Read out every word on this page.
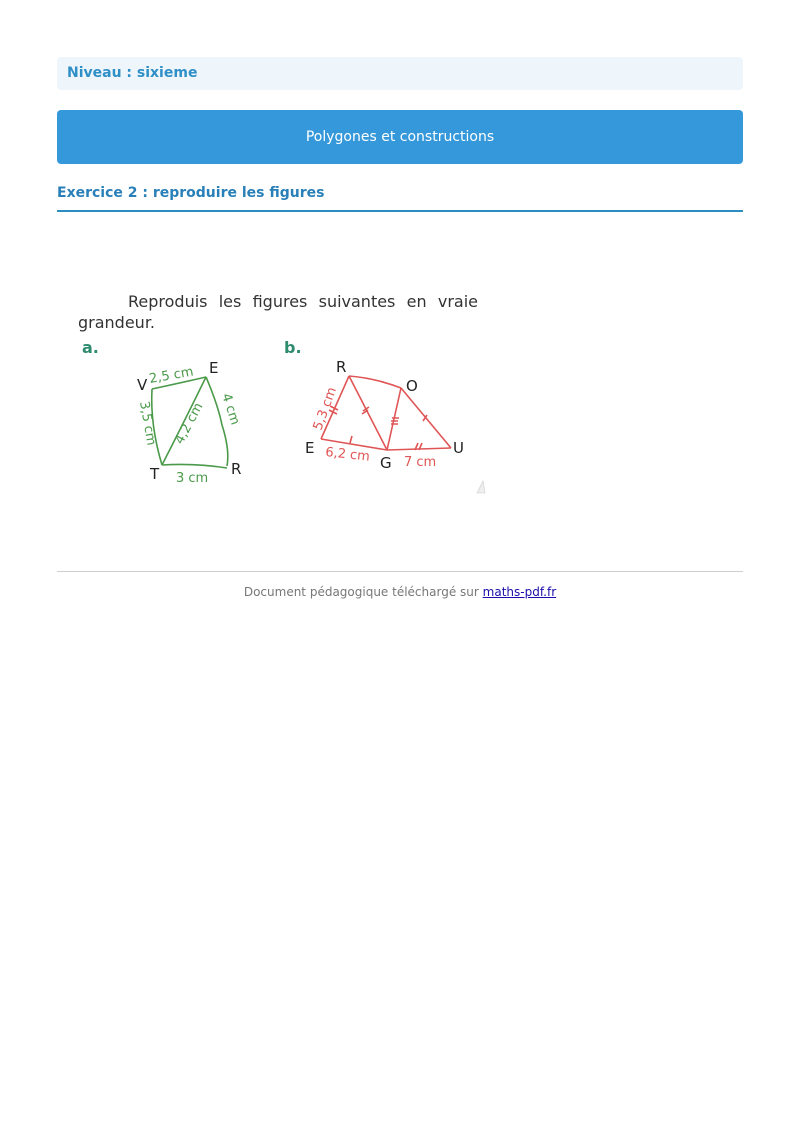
Niveau : sixieme
Polygones et constructions
Exercice 2 : reproduire les figures
Reproduis les figures suivantes en vraie grandeur.
a.	b.
V
E
T	R
2,5 cm
3,5 cm	4 cm
4,2 cm
3 cm
R
O
E
G
U
5,3 cm
6,2 cm	7 cm
Document pédagogique téléchargé sur maths-pdf.fr
